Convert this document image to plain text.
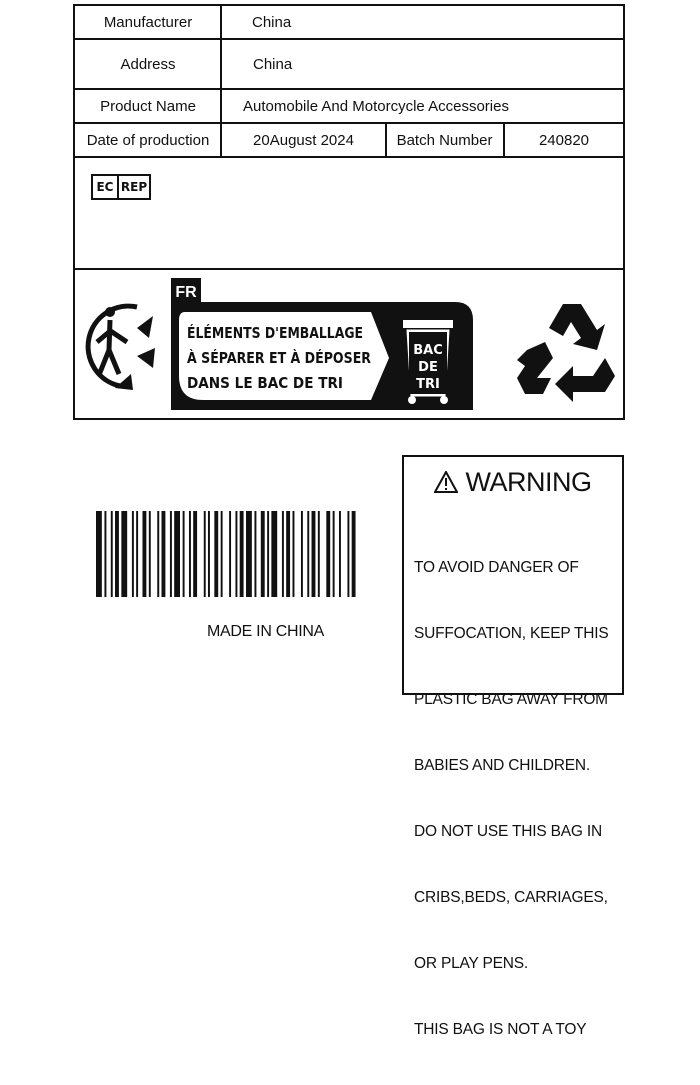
Manufacturer	China
Address	China
Product Name	Automobile And Motorcycle Accessories
Date of production	20August 2024	Batch Number	240820
EC REP
FR
ÉLÉMENTS D'EMBALLAGE
À SÉPARER ET À DÉPOSER
DANS LE BAC DE TRI
BAC
DE
TRI
MADE IN CHINA
WARNING

TO AVOID DANGER OF

SUFFOCATION, KEEP THIS

PLASTIC BAG AWAY FROM

BABIES AND CHILDREN.

DO NOT USE THIS BAG IN

CRIBS,BEDS, CARRIAGES,

OR PLAY PENS.

THIS BAG IS NOT A TOY
